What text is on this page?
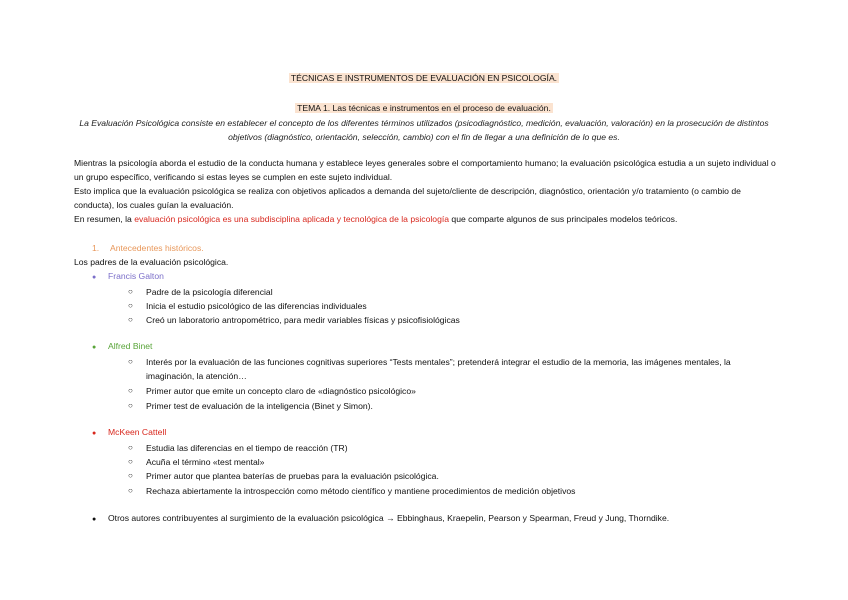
TÉCNICAS E INSTRUMENTOS DE EVALUACIÓN EN PSICOLOGÍA.
TEMA 1. Las técnicas e instrumentos en el proceso de evaluación.
La Evaluación Psicológica consiste en establecer el concepto de los diferentes términos utilizados (psicodiagnóstico, medición, evaluación, valoración) en la prosecución de distintos objetivos (diagnóstico, orientación, selección, cambio) con el fin de llegar a una definición de lo que es.
Mientras la psicología aborda el estudio de la conducta humana y establece leyes generales sobre el comportamiento humano; la evaluación psicológica estudia a un sujeto individual o un grupo específico, verificando si estas leyes se cumplen en este sujeto individual.
Esto implica que la evaluación psicológica se realiza con objetivos aplicados a demanda del sujeto/cliente de descripción, diagnóstico, orientación y/o tratamiento (o cambio de conducta), los cuales guían la evaluación.
En resumen, la evaluación psicológica es una subdisciplina aplicada y tecnológica de la psicología que comparte algunos de sus principales modelos teóricos.
1. Antecedentes históricos.
Los padres de la evaluación psicológica.
● Francis Galton
○	Padre de la psicología diferencial
○	Inicia el estudio psicológico de las diferencias individuales
○	Creó un laboratorio antropométrico, para medir variables físicas y psicofisiológicas
● Alfred Binet
○	Interés por la evaluación de las funciones cognitivas superiores “Tests mentales”; pretenderá integrar el estudio de la memoria, las imágenes mentales, la imaginación, la atención…
○	Primer autor que emite un concepto claro de «diagnóstico psicológico»
○	Primer test de evaluación de la inteligencia (Binet y Simon).
● McKeen Cattell
○	Estudia las diferencias en el tiempo de reacción (TR)
○	Acuña el término «test mental»
○	Primer autor que plantea baterías de pruebas para la evaluación psicológica.
○	Rechaza abiertamente la introspección como método científico y mantiene procedimientos de medición objetivos
● Otros autores contribuyentes al surgimiento de la evaluación psicológica → Ebbinghaus, Kraepelin, Pearson y Spearman, Freud y Jung, Thorndike.
